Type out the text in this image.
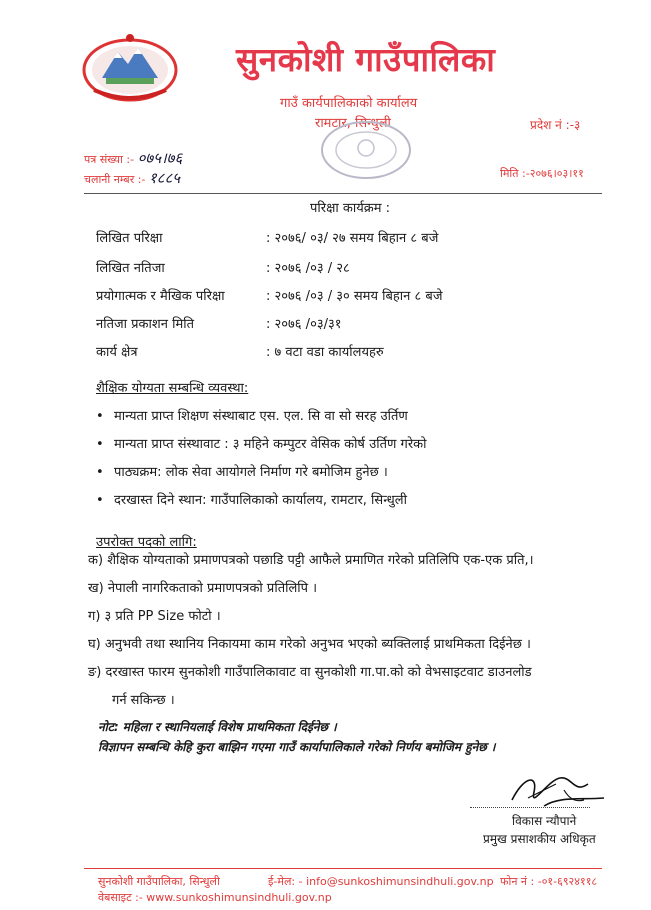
सुनकोशी गाउँपालिका
गाउँ कार्यपालिकाको कार्यालय
रामटार, सिन्धुली	प्रदेश नं :-३
पत्र संख्या :- ०७५।७६
चलानी नम्बर :- १८८५	मिति :-२०७६।०३।११
परिक्षा कार्यक्रम :
लिखित परिक्षा	: २०७६/ ०३/ २७ समय बिहान ८ बजे
लिखित नतिजा	: २०७६ /०३ / २८
प्रयोगात्मक र मैखिक परिक्षा	: २०७६ /०३ / ३० समय बिहान ८ बजे
नतिजा प्रकाशन मिति	: २०७६ /०३/३१
कार्य क्षेत्र	: ७ वटा वडा कार्यालयहरु
शैक्षिक योग्यता सम्बन्धि व्यवस्था:
• मान्यता प्राप्त शिक्षण संस्थाबाट एस. एल. सि वा सो सरह उर्तिण
• मान्यता प्राप्त संस्थावाट : ३ महिने कम्पुटर वेसिक कोर्ष उर्तिण गरेको
• पाठ्यक्रम: लोक सेवा आयोगले निर्माण गरे बमोजिम हुनेछ ।
• दरखास्त दिने स्थान: गाउँपालिकाको कार्यालय, रामटार, सिन्धुली
उपरोक्त पदको लागि:
क) शैक्षिक योग्यताको प्रमाणपत्रको पछाडि पट्टी आफैले प्रमाणित गरेको प्रतिलिपि एक-एक प्रति,।
ख) नेपाली नागरिकताको प्रमाणपत्रको प्रतिलिपि ।
ग) ३ प्रति PP Size फोटो ।
घ) अनुभवी तथा स्थानिय निकायमा काम गरेको अनुभव भएको ब्यक्तिलाई प्राथमिकता दिईनेछ ।
ङ) दरखास्त फारम सुनकोशी गाउँपालिकावाट वा सुनकोशी गा.पा.को को वेभसाइटवाट डाउनलोड
गर्न सकिन्छ ।
नोट: महिला र स्थानियलाई विशेष प्राथमिकता दिईनेछ ।
विज्ञापन सम्बन्धि केहि कुरा बाझिन गएमा गाउँ कार्यापालिकाले गरेको निर्णय बमोजिम हुनेछ ।
विकास न्यौपाने
प्रमुख प्रसाशकीय अधिकृत
सुनकोशी गाउँपालिका, सिन्धुली	ई-मेल: - info@sunkoshimunsindhuli.gov.np फोन नं : -०१-६९२४११८
वेबसाइट :- www.sunkoshimunsindhuli.gov.np
